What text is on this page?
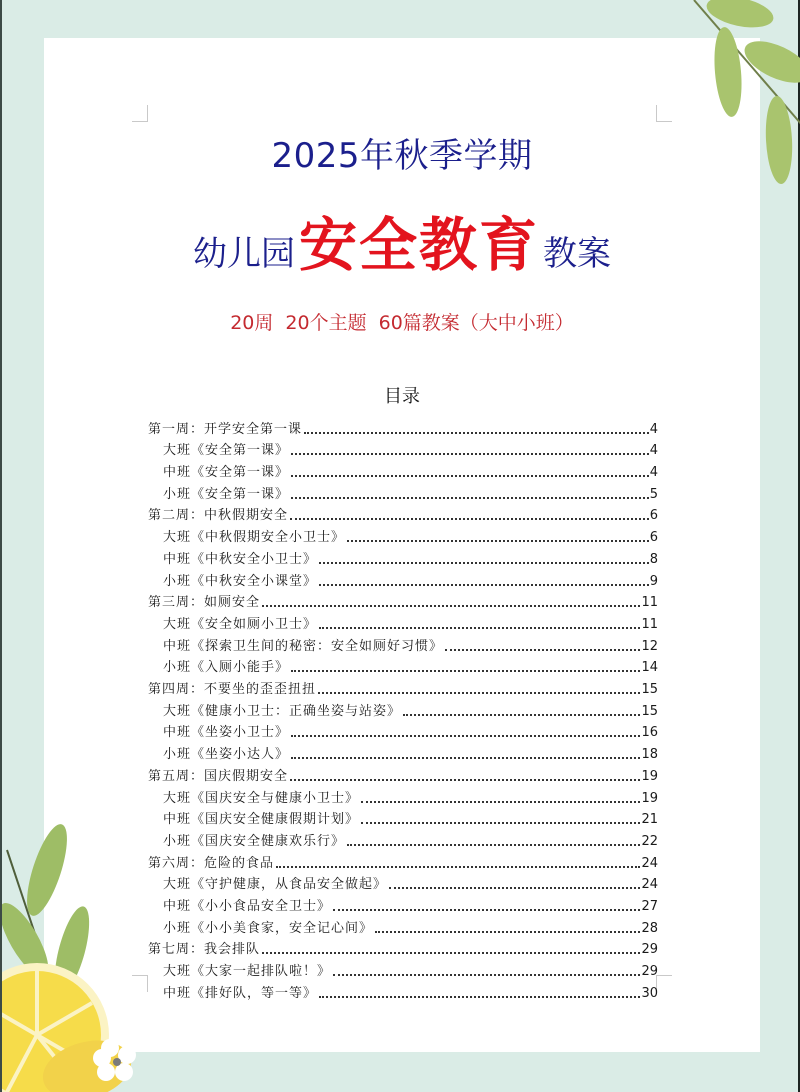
2025年秋季学期
幼儿园安全教育 教案
20周 20个主题 60篇教案（大中小班）
目录
第一周：开学安全第一课	4
大班《安全第一课》	4
中班《安全第一课》	4
小班《安全第一课》	5
第二周：中秋假期安全	6
大班《中秋假期安全小卫士》	6
中班《中秋安全小卫士》	8
小班《中秋安全小课堂》	9
第三周：如厕安全	11
大班《安全如厕小卫士》	11
中班《探索卫生间的秘密：安全如厕好习惯》	12
小班《入厕小能手》	14
第四周：不要坐的歪歪扭扭	15
大班《健康小卫士：正确坐姿与站姿》	15
中班《坐姿小卫士》	16
小班《坐姿小达人》	18
第五周：国庆假期安全	19
大班《国庆安全与健康小卫士》	19
中班《国庆安全健康假期计划》	21
小班《国庆安全健康欢乐行》	22
第六周：危险的食品	24
大班《守护健康，从食品安全做起》	24
中班《小小食品安全卫士》	27
小班《小小美食家，安全记心间》	28
第七周：我会排队	29
大班《大家一起排队啦！》	29
中班《排好队，等一等》	30
